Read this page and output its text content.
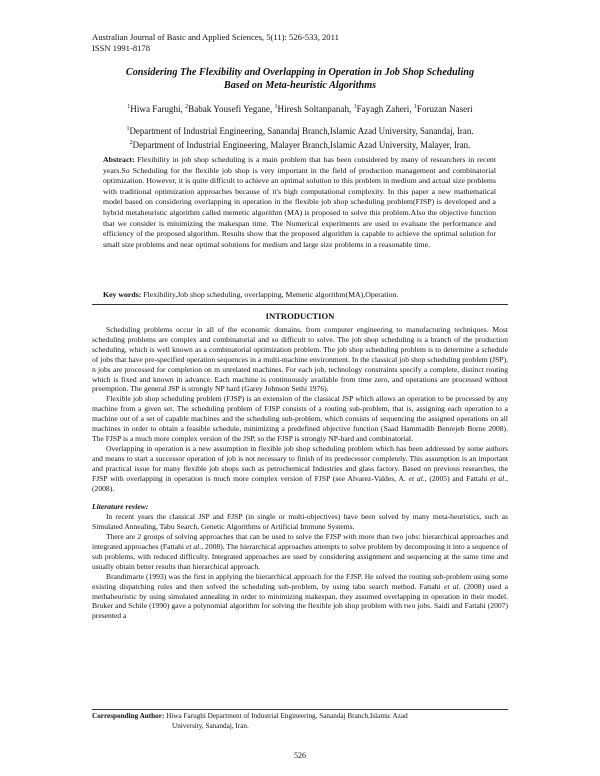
Australian Journal of Basic and Applied Sciences, 5(11): 526-533, 2011
ISSN 1991-8178
Considering The Flexibility and Overlapping in Operation in Job Shop Scheduling
Based on Meta-heuristic Algorithms
$^1$Hiwa Farughi, $^2$Babak Yousefi Yegane, $^1$Hiresh Soltanpanah, $^1$Fayagh Zaheri, $^1$Foruzan Naseri
$^1$Department of Industrial Engineering, Sanandaj Branch,Islamic Azad University, Sanandaj, Iran.
$^2$Department of Industrial Engineering, Malayer Branch,Islamic Azad University, Malayer, Iran.
Abstract: Flexibility in job shop scheduling is a main problem that has been considered by many of researchers in recent years.So Scheduling for the flexible job shop is very important in the field of production management and combinatorial optimization. However, it is quite difficult to achieve an optimal solution to this problem in medium and actual size problems with traditional optimization approaches because of it's high computational complexity. In this paper a new mathematical model based on considering overlapping in operation in the flexible job shop scheduling problem(FJSP) is developed and a hybrid metaheuristic algorithm called memetic algorithm (MA) is proposed to solve this problem.Also the objective function that we consider is minimizing the makespan time. The Numerical experiments are used to evaluate the performance and efficiency of the proposed algorithm. Results show that the proposed algorithm is capable to achieve the optimal solution for small size problems and near optimal solutions for medium and large size problems in a reasonable time.
Key words: Flexibility,Job shop scheduling, overlapping, Memetic algorithm(MA),Operation.
INTRODUCTION

Scheduling problems occur in all of the economic domains, from computer engineering to manufacturing techniques. Most scheduling problems are complex and combinatorial and so difficult to solve. The job shop scheduling is a branch of the production scheduling, which is well known as a combinatorial optimization problem. The job shop scheduling problem is to determine a schedule of jobs that have pre-specified operation sequences in a multi-machine environment. In the classical job shop scheduling problem (JSP), n jobs are processed for completion on m unrelated machines. For each job, technology constraints specify a complete, distinct routing which is fixed and known in advance. Each machine is continuously available from time zero, and operations are processed without preemption. The general JSP is strongly NP hard (Garey Johnson Sethi 1976).

Flexible job shop scheduling problem (FJSP) is an extension of the classical JSP which allows an operation to be processed by any machine from a given set. The scheduling problem of FJSP consists of a routing sub-problem, that is, assigning each operation to a machine out of a set of capable machines and the scheduling sub-problem, which consists of sequencing the assigned operations on all machines in order to obtain a feasible schedule, minimizing a predefined objective function (Saad Hammadib Benrejeb Borne 2008). The FJSP is a much more complex version of the JSP, so the FJSP is strongly NP-hard and combinatorial.

Overlapping in operation is a new assumption in flexible job shop scheduling problem which has been addressed by some authors and means to start a successor operation of job is not necessary to finish of its predecessor completely. This assumption is an important and practical issue for many flexible job shops such as petrochemical Industries and glass factory. Based on previous researches, the FJSP with overlapping in operation is much more complex version of FJSP (see Alvarez-Valdes, A. et al., (2005) and Fattahi et al., (2008).

Literature review:

In recent years the classical JSP and FJSP (in single or multi-objectives) have been solved by many meta-heuristics, such as Simulated Annealing, Tabu Search, Genetic Algorithms or Artificial Immune Systems.

There are 2 groups of solving approaches that can be used to solve the FJSP with more than two jobs: hierarchical approaches and integrated approaches (Fattahi et al., 2008). The hierarchical approaches attempts to solve problem by decomposing it into a sequence of sub problems, with reduced difficulty. Integrated approaches are used by considering assignment and sequencing at the same time and usually obtain better results than hierarchical approach.

Brandimarte (1993) was the first in applying the hierarchical approach for the FJSP. He solved the routing sub-problem using some existing dispatching rules and then solved the scheduling sub-problem, by using tabu search method. Fattahi et al. (2008) used a methaheuristic by using simulated annealing in order to minimizing makespan, they assumed overlapping in operation in their model. Bruker and Schile (1990) gave a polynomial algorithm for solving the flexible job shop problem with two jobs. Saidi and Fattahi (2007) presented a

Corresponding Author: Hiwa Farughi Department of Industrial Engineering, Sanandaj Branch,Islamic Azad
University, Sanandaj, Iran.
526
